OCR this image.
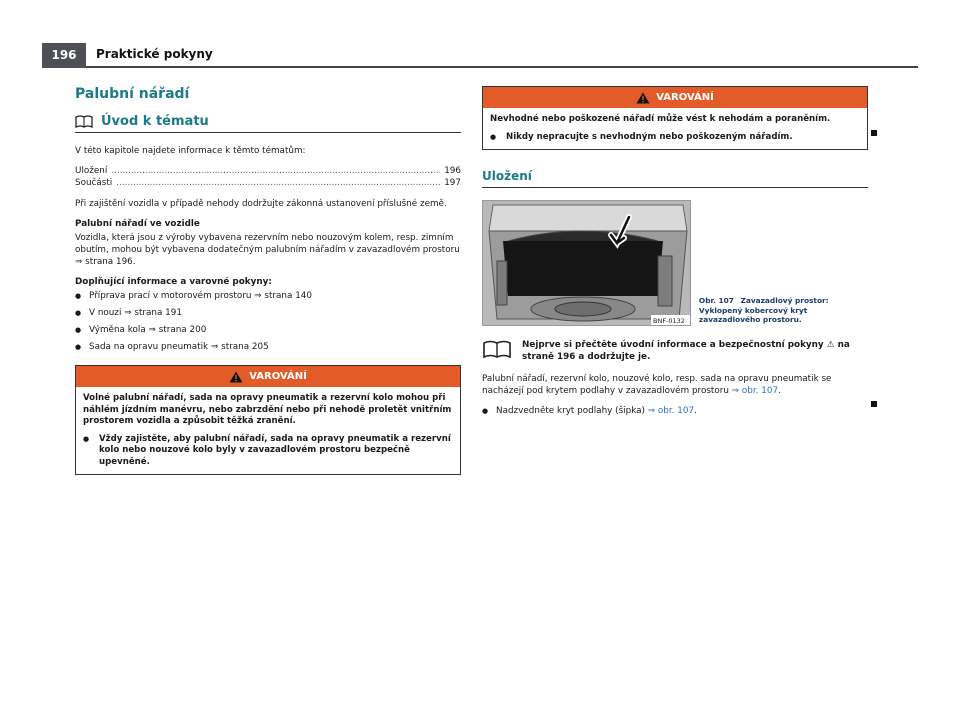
196	Praktické pokyny
Palubní nářadí
Úvod k tématu
V této kapitole najdete informace k těmto tématům:
Uložení .....	196
Součásti .....	197
Při zajištění vozidla v případě nehody dodržujte zákonná ustanovení příslušné země.
Palubní nářadí ve vozidle
Vozidla, která jsou z výroby vybavena rezervním nebo nouzovým kolem, resp. zimním obutím, mohou být vybavena dodatečným palubním nářadím v zavazadlovém prostoru ⇒ strana 196.
Doplňující informace a varovné pokyny:
● Příprava prací v motorovém prostoru ⇒ strana 140
● V nouzi ⇒ strana 191
● Výměna kola ⇒ strana 200
● Sada na opravu pneumatik ⇒ strana 205
VAROVÁNÍ
Volné palubní nářadí, sada na opravy pneumatik a rezervní kolo mohou při náhlém jízdním manévru, nebo zabrzdění nebo při nehodě proletět vnitřním prostorem vozidla a způsobit těžká zranění.
● Vždy zajistěte, aby palubní nářadí, sada na opravy pneumatik a rezervní kolo nebo nouzové kolo byly v zavazadlovém prostoru bezpečně upevněné.
VAROVÁNÍ
Nevhodné nebo poškozené nářadí může vést k nehodám a poraněním.
● Nikdy nepracujte s nevhodným nebo poškozeným nářadím.
Uložení
BNF-0132
Obr. 107 Zavazadlový prostor: Vyklopený kobercový kryt zavazadlového prostoru.
Nejprve si přečtěte úvodní informace a bezpečnostní pokyny ⚠ na straně 196 a dodržujte je.
Palubní nářadí, rezervní kolo, nouzové kolo, resp. sada na opravu pneumatik se nacházejí pod krytem podlahy v zavazadlovém prostoru ⇒ obr. 107.
● Nadzvedněte kryt podlahy (šipka) ⇒ obr. 107.
